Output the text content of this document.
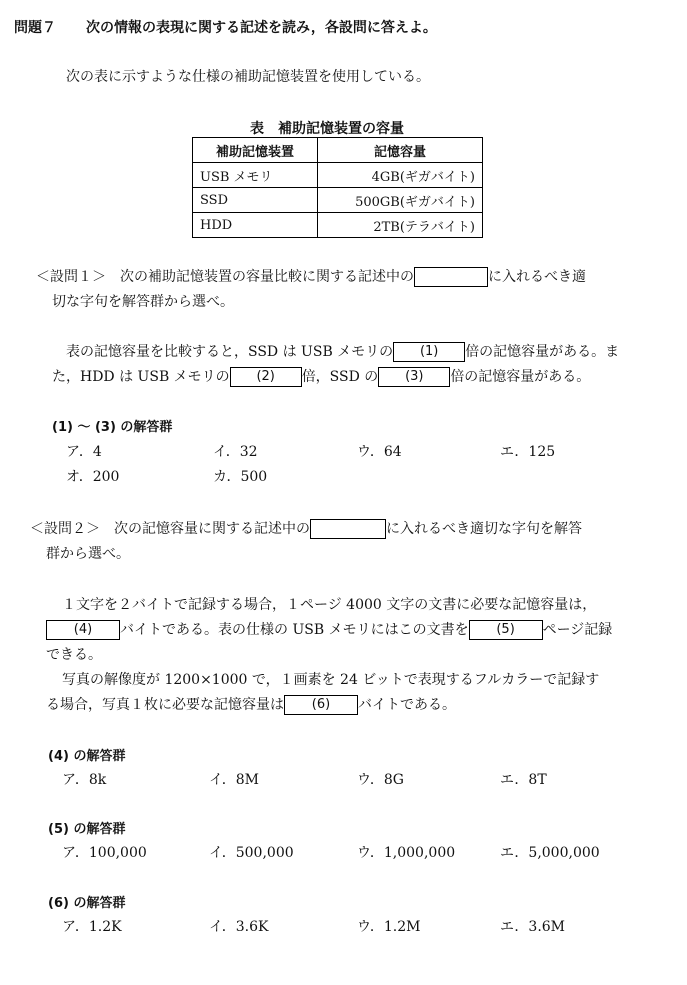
問題７ 次の情報の表現に関する記述を読み，各設問に答えよ。
次の表に示すような仕様の補助記憶装置を使用している。
表　補助記憶装置の容量
補助記憶装置	記憶容量
USB メモリ	4GB(ギガバイト)
SSD	500GB(ギガバイト)
HDD	2TB(テラバイト)
＜設問１＞　次の補助記憶装置の容量比較に関する記述中の	に入れるべき適
切な字句を解答群から選べ。
表の記憶容量を比較すると，SSD は USB メモリの (1) 倍の記憶容量がある。ま
た，HDD は USB メモリの (2) 倍，SSD の (3) 倍の記憶容量がある。
(1) ～ (3) の解答群
ア．4	イ．32	ウ．64	エ．125
オ．200	カ．500
＜設問２＞　次の記憶容量に関する記述中の	に入れるべき適切な字句を解答
群から選べ。
１文字を２バイトで記録する場合，１ページ 4000 文字の文書に必要な記憶容量は，
(4) バイトである。表の仕様の USB メモリにはこの文書を (5) ページ記録
できる。
写真の解像度が 1200×1000 で，１画素を 24 ビットで表現するフルカラーで記録す
る場合，写真１枚に必要な記憶容量は (6) バイトである。
(4) の解答群
ア．8k	イ．8M	ウ．8G	エ．8T
(5) の解答群
ア．100,000	イ．500,000	ウ．1,000,000	エ．5,000,000
(6) の解答群
ア．1.2K	イ．3.6K	ウ．1.2M	エ．3.6M
